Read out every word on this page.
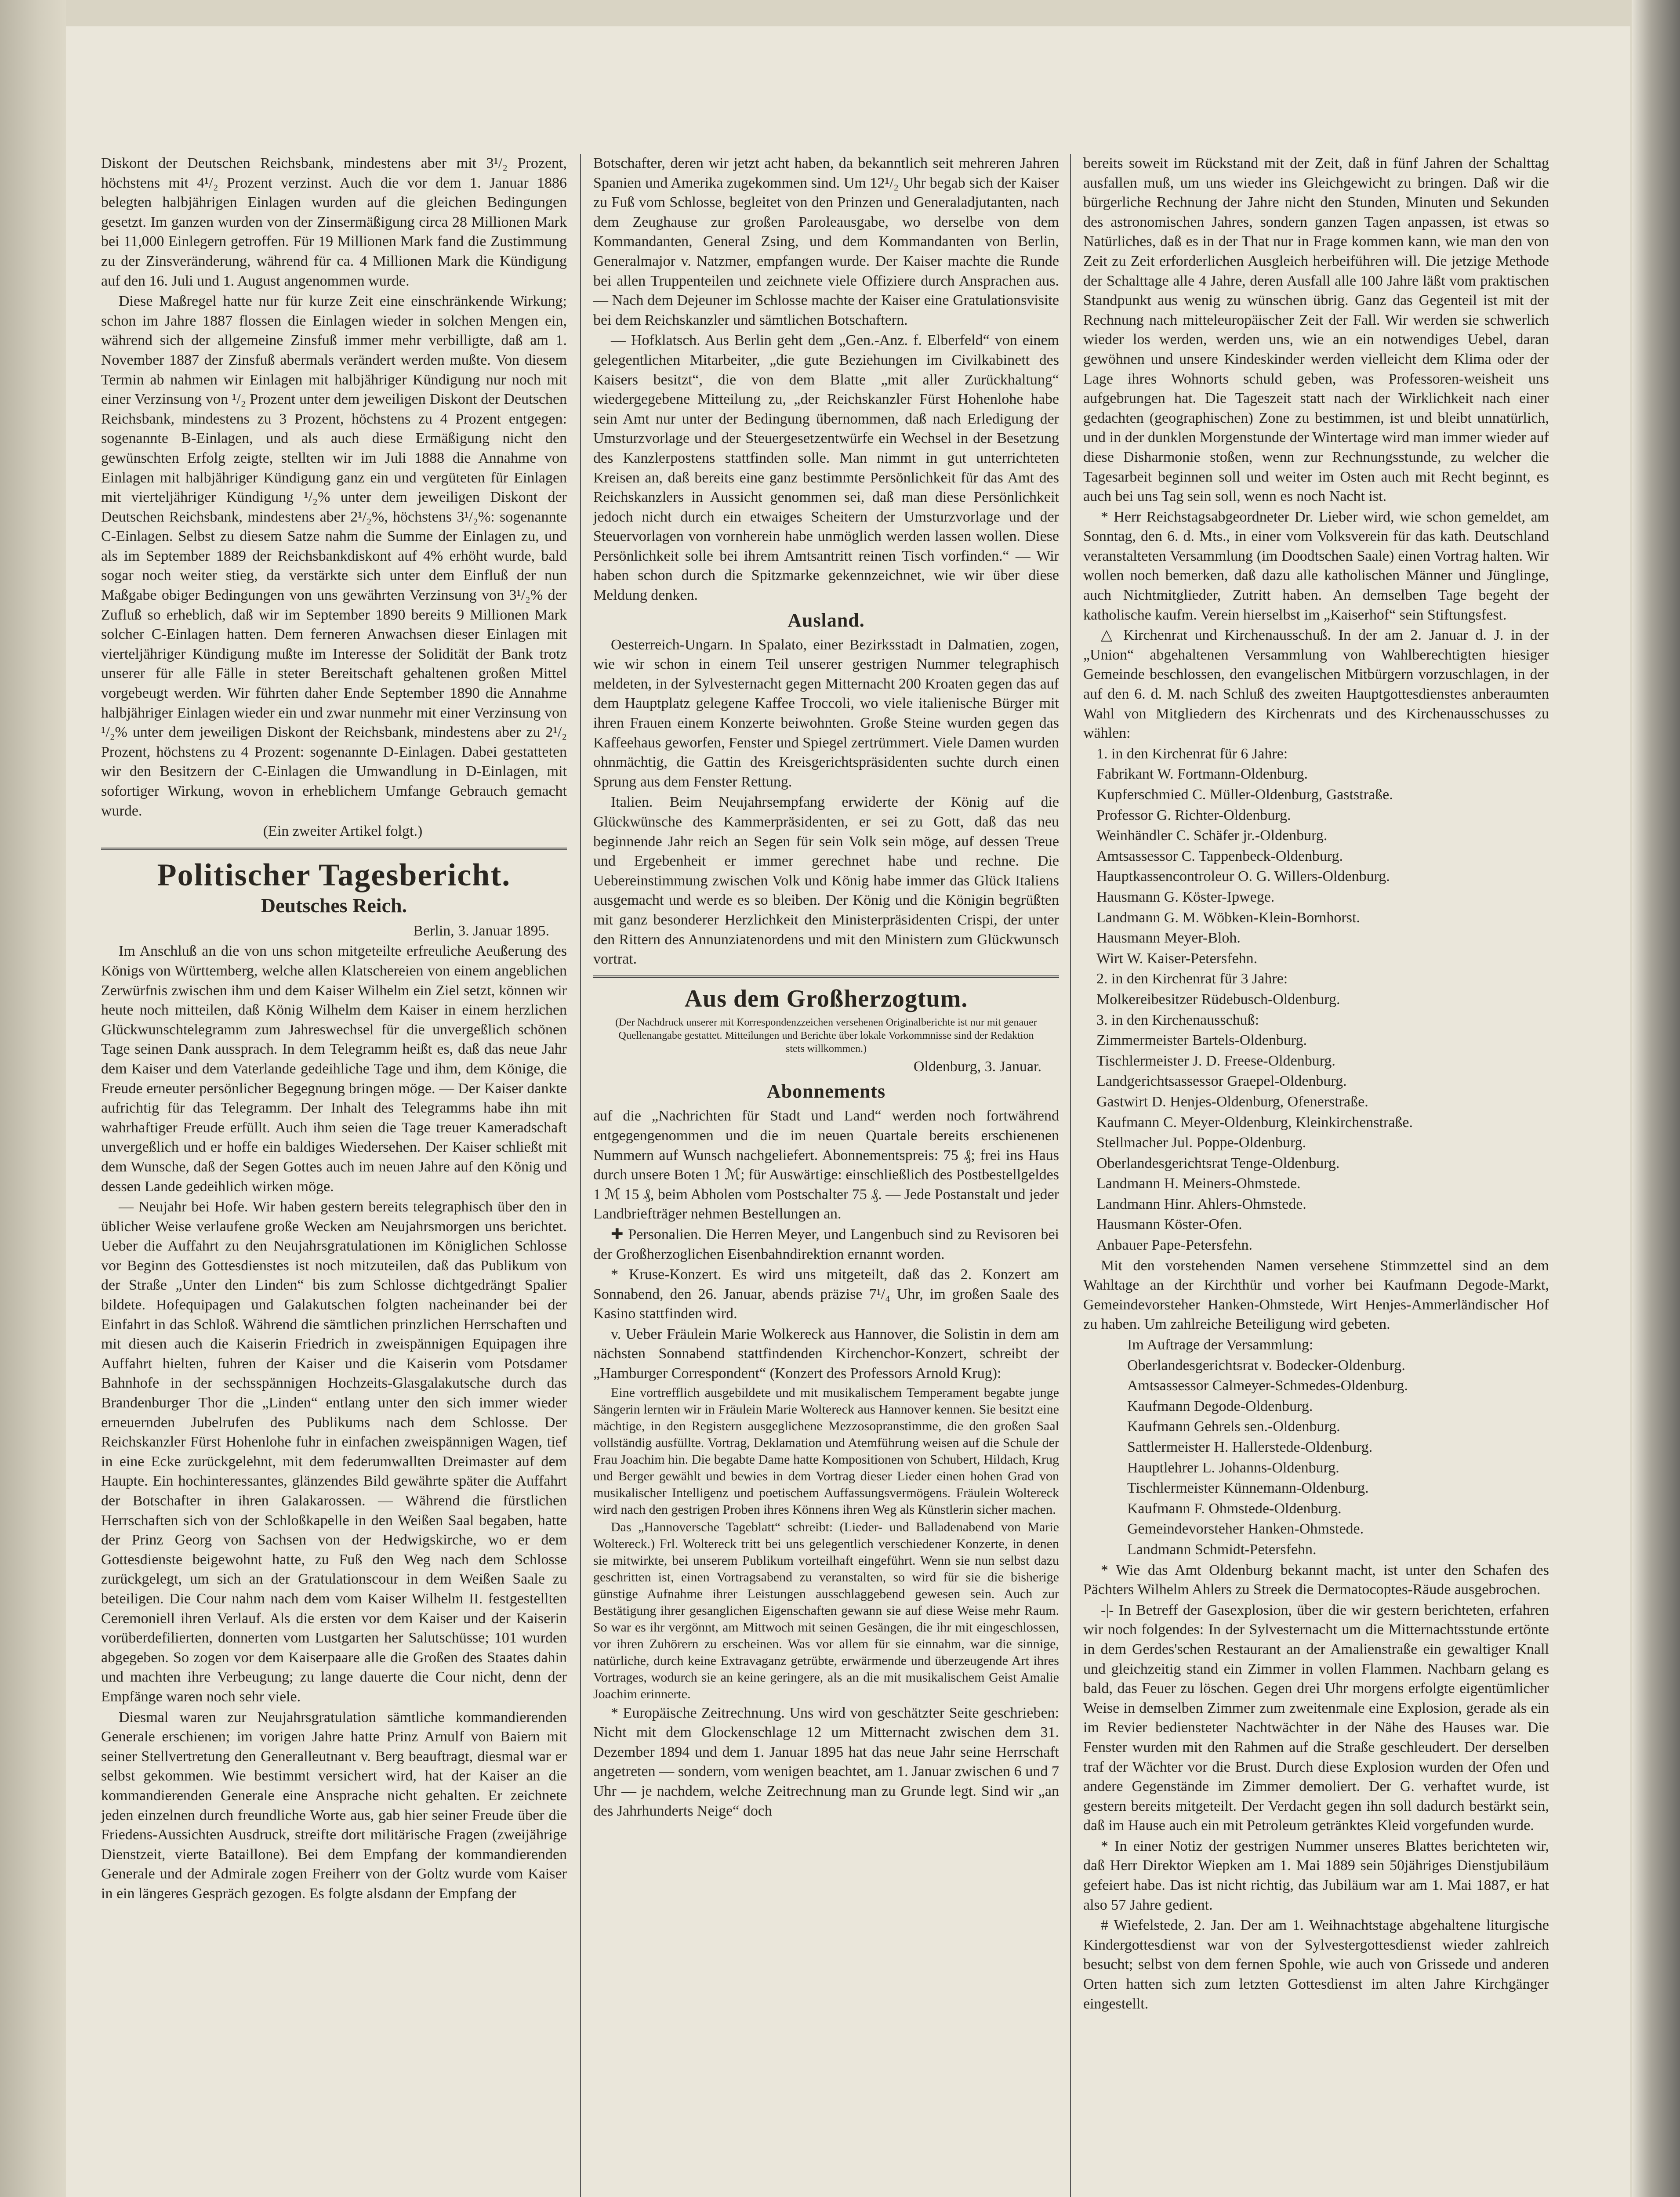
Diskont der Deutschen Reichsbank, mindestens aber mit 3¹/₂ Prozent, höchstens mit 4¹/₂ Prozent verzinst. Auch die vor dem 1. Januar 1886 belegten halbjährigen Einlagen wurden auf die gleichen Bedingungen gesetzt. Im ganzen wurden von der Zinsermäßigung circa 28 Millionen Mark bei 11,000 Einlegern getroffen. Für 19 Millionen Mark fand die Zustimmung zu der Zinsveränderung, während für ca. 4 Millionen Mark die Kündigung auf den 16. Juli und 1. August angenommen wurde.

Diese Maßregel hatte nur für kurze Zeit eine einschränkende Wirkung; schon im Jahre 1887 flossen die Einlagen wieder in solchen Mengen ein, während sich der allgemeine Zinsfuß immer mehr verbilligte, daß am 1. November 1887 der Zinsfuß abermals verändert werden mußte. Von diesem Termin ab nahmen wir Einlagen mit halbjähriger Kündigung nur noch mit einer Verzinsung von ¹/₂ Prozent unter dem jeweiligen Diskont der Deutschen Reichsbank, mindestens zu 3 Prozent, höchstens zu 4 Prozent entgegen: sogenannte B-Einlagen, und als auch diese Ermäßigung nicht den gewünschten Erfolg zeigte, stellten wir im Juli 1888 die Annahme von Einlagen mit halbjähriger Kündigung ganz ein und vergüteten für Einlagen mit vierteljähriger Kündigung ¹/₂% unter dem jeweiligen Diskont der Deutschen Reichsbank, mindestens aber 2¹/₂%, höchstens 3¹/₂%: sogenannte C-Einlagen. Selbst zu diesem Satze nahm die Summe der Einlagen zu, und als im September 1889 der Reichsbankdiskont auf 4% erhöht wurde, bald sogar noch weiter stieg, da verstärkte sich unter dem Einfluß der nun Maßgabe obiger Bedingungen von uns gewährten Verzinsung von 3¹/₂% der Zufluß so erheblich, daß wir im September 1890 bereits 9 Millionen Mark solcher C-Einlagen hatten. Dem ferneren Anwachsen dieser Einlagen mit vierteljähriger Kündigung mußte im Interesse der Solidität der Bank trotz unserer für alle Fälle in steter Bereitschaft gehaltenen großen Mittel vorgebeugt werden. Wir führten daher Ende September 1890 die Annahme halbjähriger Einlagen wieder ein und zwar nunmehr mit einer Verzinsung von ¹/₂% unter dem jeweiligen Diskont der Reichsbank, mindestens aber zu 2¹/₂ Prozent, höchstens zu 4 Prozent: sogenannte D-Einlagen. Dabei gestatteten wir den Besitzern der C-Einlagen die Umwandlung in D-Einlagen, mit sofortiger Wirkung, wovon in erheblichem Umfange Gebrauch gemacht wurde.

(Ein zweiter Artikel folgt.)

Politischer Tagesbericht.
Deutsches Reich.

Berlin, 3. Januar 1895.

Im Anschluß an die von uns schon mitgeteilte erfreuliche Aeußerung des Königs von Württemberg, welche allen Klatschereien von einem angeblichen Zerwürfnis zwischen ihm und dem Kaiser Wilhelm ein Ziel setzt, können wir heute noch mitteilen, daß König Wilhelm dem Kaiser in einem herzlichen Glückwunschtelegramm zum Jahreswechsel für die unvergeßlich schönen Tage seinen Dank aussprach. In dem Telegramm heißt es, daß das neue Jahr dem Kaiser und dem Vaterlande gedeihliche Tage und ihm, dem Könige, die Freude erneuter persönlicher Begegnung bringen möge. — Der Kaiser dankte aufrichtig für das Telegramm. Der Inhalt des Telegramms habe ihn mit wahrhaftiger Freude erfüllt. Auch ihm seien die Tage treuer Kameradschaft unvergeßlich und er hoffe ein baldiges Wiedersehen. Der Kaiser schließt mit dem Wunsche, daß der Segen Gottes auch im neuen Jahre auf den König und dessen Lande gedeihlich wirken möge.

— Neujahr bei Hofe. Wir haben gestern bereits telegraphisch über den in üblicher Weise verlaufene große Wecken am Neujahrsmorgen uns berichtet. Ueber die Auffahrt zu den Neujahrsgratulationen im Königlichen Schlosse vor Beginn des Gottesdienstes ist noch mitzuteilen, daß das Publikum von der Straße „Unter den Linden“ bis zum Schlosse dichtgedrängt Spalier bildete. Hofequipagen und Galakutschen folgten nacheinander bei der Einfahrt in das Schloß. Während die sämtlichen prinzlichen Herrschaften und mit diesen auch die Kaiserin Friedrich in zweispännigen Equipagen ihre Auffahrt hielten, fuhren der Kaiser und die Kaiserin vom Potsdamer Bahnhofe in der sechsspännigen Hochzeits-Glasgalakutsche durch das Brandenburger Thor die „Linden“ entlang unter den sich immer wieder erneuernden Jubelrufen des Publikums nach dem Schlosse. Der Reichskanzler Fürst Hohenlohe fuhr in einfachen zweispännigen Wagen, tief in eine Ecke zurückgelehnt, mit dem federumwallten Dreimaster auf dem Haupte. Ein hochinteressantes, glänzendes Bild gewährte später die Auffahrt der Botschafter in ihren Galakarossen. — Während die fürstlichen Herrschaften sich von der Schloßkapelle in den Weißen Saal begaben, hatte der Prinz Georg von Sachsen von der Hedwigskirche, wo er dem Gottesdienste beigewohnt hatte, zu Fuß den Weg nach dem Schlosse zurückgelegt, um sich an der Gratulationscour in dem Weißen Saale zu beteiligen. Die Cour nahm nach dem vom Kaiser Wilhelm II. festgestellten Ceremoniell ihren Verlauf. Als die ersten vor dem Kaiser und der Kaiserin vorüberdefilierten, donnerten vom Lustgarten her Salutschüsse; 101 wurden abgegeben. So zogen vor dem Kaiserpaare alle die Großen des Staates dahin und machten ihre Verbeugung; zu lange dauerte die Cour nicht, denn der Empfänge waren noch sehr viele.

Diesmal waren zur Neujahrsgratulation sämtliche kommandierenden Generale erschienen; im vorigen Jahre hatte Prinz Arnulf von Baiern mit seiner Stellvertretung den Generalleutnant v. Berg beauftragt, diesmal war er selbst gekommen. Wie bestimmt versichert wird, hat der Kaiser an die kommandierenden Generale eine Ansprache nicht gehalten. Er zeichnete jeden einzelnen durch freundliche Worte aus, gab hier seiner Freude über die Friedens-Aussichten Ausdruck, streifte dort militärische Fragen (zweijährige Dienstzeit, vierte Bataillone). Bei dem Empfang der kommandierenden Generale und der Admirale zogen Freiherr von der Goltz wurde vom Kaiser in ein längeres Gespräch gezogen. Es folgte alsdann der Empfang der

Botschafter, deren wir jetzt acht haben, da bekanntlich seit mehreren Jahren Spanien und Amerika zugekommen sind. Um 12¹/₂ Uhr begab sich der Kaiser zu Fuß vom Schlosse, begleitet von den Prinzen und Generaladjutanten, nach dem Zeughause zur großen Paroleausgabe, wo derselbe von dem Kommandanten, General Zsing, und dem Kommandanten von Berlin, Generalmajor v. Natzmer, empfangen wurde. Der Kaiser machte die Runde bei allen Truppenteilen und zeichnete viele Offiziere durch Ansprachen aus. — Nach dem Dejeuner im Schlosse machte der Kaiser eine Gratulationsvisite bei dem Reichskanzler und sämtlichen Botschaftern.

— Hofklatsch. Aus Berlin geht dem „Gen.-Anz. f. Elberfeld“ von einem gelegentlichen Mitarbeiter, „die gute Beziehungen im Civilkabinett des Kaisers besitzt“, die von dem Blatte „mit aller Zurückhaltung“ wiedergegebene Mitteilung zu, „der Reichskanzler Fürst Hohenlohe habe sein Amt nur unter der Bedingung übernommen, daß nach Erledigung der Umsturzvorlage und der Steuergesetzentwürfe ein Wechsel in der Besetzung des Kanzlerpostens stattfinden solle. Man nimmt in gut unterrichteten Kreisen an, daß bereits eine ganz bestimmte Persönlichkeit für das Amt des Reichskanzlers in Aussicht genommen sei, daß man diese Persönlichkeit jedoch nicht durch ein etwaiges Scheitern der Umsturzvorlage und der Steuervorlagen von vornherein habe unmöglich werden lassen wollen. Diese Persönlichkeit solle bei ihrem Amtsantritt reinen Tisch vorfinden.“ — Wir haben schon durch die Spitzmarke gekennzeichnet, wie wir über diese Meldung denken.

Ausland.

Oesterreich-Ungarn. In Spalato, einer Bezirksstadt in Dalmatien, zogen, wie wir schon in einem Teil unserer gestrigen Nummer telegraphisch meldeten, in der Sylvesternacht gegen Mitternacht 200 Kroaten gegen das auf dem Hauptplatz gelegene Kaffee Troccoli, wo viele italienische Bürger mit ihren Frauen einem Konzerte beiwohnten. Große Steine wurden gegen das Kaffeehaus geworfen, Fenster und Spiegel zertrümmert. Viele Damen wurden ohnmächtig, die Gattin des Kreisgerichtspräsidenten suchte durch einen Sprung aus dem Fenster Rettung.

Italien. Beim Neujahrsempfang erwiderte der König auf die Glückwünsche des Kammerpräsidenten, er sei zu Gott, daß das neu beginnende Jahr reich an Segen für sein Volk sein möge, auf dessen Treue und Ergebenheit er immer gerechnet habe und rechne. Die Uebereinstimmung zwischen Volk und König habe immer das Glück Italiens ausgemacht und werde es so bleiben. Der König und die Königin begrüßten mit ganz besonderer Herzlichkeit den Ministerpräsidenten Crispi, der unter den Rittern des Annunziatenordens und mit den Ministern zum Glückwunsch vortrat.

Aus dem Großherzogtum.
(Der Nachdruck unserer mit Korrespondenzzeichen versehenen Originalberichte ist nur mit genauer Quellenangabe gestattet. Mitteilungen und Berichte über lokale Vorkommnisse sind der Redaktion stets willkommen.)

Oldenburg, 3. Januar.

Abonnements

auf die „Nachrichten für Stadt und Land“ werden noch fortwährend entgegengenommen und die im neuen Quartale bereits erschienenen Nummern auf Wunsch nachgeliefert. Abonnementspreis: 75 ₰; frei ins Haus durch unsere Boten 1 ℳ; für Auswärtige: einschließlich des Postbestellgeldes 1 ℳ 15 ₰, beim Abholen vom Postschalter 75 ₰. — Jede Postanstalt und jeder Landbriefträger nehmen Bestellungen an.

✚ Personalien. Die Herren Meyer, und Langenbuch sind zu Revisoren bei der Großherzoglichen Eisenbahndirektion ernannt worden.

* Kruse-Konzert. Es wird uns mitgeteilt, daß das 2. Konzert am Sonnabend, den 26. Januar, abends präzise 7¹/₄ Uhr, im großen Saale des Kasino stattfinden wird.

v. Ueber Fräulein Marie Wolkereck aus Hannover, die Solistin in dem am nächsten Sonnabend stattfindenden Kirchenchor-Konzert, schreibt der „Hamburger Correspondent“ (Konzert des Professors Arnold Krug):

Eine vortrefflich ausgebildete und mit musikalischem Temperament begabte junge Sängerin lernten wir in Fräulein Marie Woltereck aus Hannover kennen. Sie besitzt eine mächtige, in den Registern ausgeglichene Mezzosopranstimme, die den großen Saal vollständig ausfüllte. Vortrag, Deklamation und Atemführung weisen auf die Schule der Frau Joachim hin. Die begabte Dame hatte Kompositionen von Schubert, Hildach, Krug und Berger gewählt und bewies in dem Vortrag dieser Lieder einen hohen Grad von musikalischer Intelligenz und poetischem Auffassungsvermögens. Fräulein Woltereck wird nach den gestrigen Proben ihres Könnens ihren Weg als Künstlerin sicher machen.

Das „Hannoversche Tageblatt“ schreibt: (Lieder- und Balladenabend von Marie Woltereck.) Frl. Woltereck tritt bei uns gelegentlich verschiedener Konzerte, in denen sie mitwirkte, bei unserem Publikum vorteilhaft eingeführt. Wenn sie nun selbst dazu geschritten ist, einen Vortragsabend zu veranstalten, so wird für sie die bisherige günstige Aufnahme ihrer Leistungen ausschlaggebend gewesen sein. Auch zur Bestätigung ihrer gesanglichen Eigenschaften gewann sie auf diese Weise mehr Raum. So war es ihr vergönnt, am Mittwoch mit seinen Gesängen, die ihr mit eingeschlossen, vor ihren Zuhörern zu erscheinen. Was vor allem für sie einnahm, war die sinnige, natürliche, durch keine Extravaganz getrübte, erwärmende und überzeugende Art ihres Vortrages, wodurch sie an keine geringere, als an die mit musikalischem Geist Amalie Joachim erinnerte.

* Europäische Zeitrechnung. Uns wird von geschätzter Seite geschrieben: Nicht mit dem Glockenschlage 12 um Mitternacht zwischen dem 31. Dezember 1894 und dem 1. Januar 1895 hat das neue Jahr seine Herrschaft angetreten — sondern, vom wenigen beachtet, am 1. Januar zwischen 6 und 7 Uhr — je nachdem, welche Zeitrechnung man zu Grunde legt. Sind wir „an des Jahrhunderts Neige“ doch

bereits soweit im Rückstand mit der Zeit, daß in fünf Jahren der Schalttag ausfallen muß, um uns wieder ins Gleichgewicht zu bringen. Daß wir die bürgerliche Rechnung der Jahre nicht den Stunden, Minuten und Sekunden des astronomischen Jahres, sondern ganzen Tagen anpassen, ist etwas so Natürliches, daß es in der That nur in Frage kommen kann, wie man den von Zeit zu Zeit erforderlichen Ausgleich herbeiführen will. Die jetzige Methode der Schalttage alle 4 Jahre, deren Ausfall alle 100 Jahre läßt vom praktischen Standpunkt aus wenig zu wünschen übrig. Ganz das Gegenteil ist mit der Rechnung nach mitteleuropäischer Zeit der Fall. Wir werden sie schwerlich wieder los werden, werden uns, wie an ein notwendiges Uebel, daran gewöhnen und unsere Kindeskinder werden vielleicht dem Klima oder der Lage ihres Wohnorts schuld geben, was Professoren-weisheit uns aufgebrungen hat. Die Tageszeit statt nach der Wirklichkeit nach einer gedachten (geographischen) Zone zu bestimmen, ist und bleibt unnatürlich, und in der dunklen Morgenstunde der Wintertage wird man immer wieder auf diese Disharmonie stoßen, wenn zur Rechnungsstunde, zu welcher die Tagesarbeit beginnen soll und weiter im Osten auch mit Recht beginnt, es auch bei uns Tag sein soll, wenn es noch Nacht ist.

* Herr Reichstagsabgeordneter Dr. Lieber wird, wie schon gemeldet, am Sonntag, den 6. d. Mts., in einer vom Volksverein für das kath. Deutschland veranstalteten Versammlung (im Doodtschen Saale) einen Vortrag halten. Wir wollen noch bemerken, daß dazu alle katholischen Männer und Jünglinge, auch Nichtmitglieder, Zutritt haben. An demselben Tage begeht der katholische kaufm. Verein hierselbst im „Kaiserhof“ sein Stiftungsfest.

△ Kirchenrat und Kirchenausschuß. In der am 2. Januar d. J. in der „Union“ abgehaltenen Versammlung von Wahlberechtigten hiesiger Gemeinde beschlossen, den evangelischen Mitbürgern vorzuschlagen, in der auf den 6. d. M. nach Schluß des zweiten Hauptgottesdienstes anberaumten Wahl von Mitgliedern des Kirchenrats und des Kirchenausschusses zu wählen:

1. in den Kirchenrat für 6 Jahre:

Fabrikant W. Fortmann-Oldenburg.

Kupferschmied C. Müller-Oldenburg, Gaststraße.

Professor G. Richter-Oldenburg.

Weinhändler C. Schäfer jr.-Oldenburg.

Amtsassessor C. Tappenbeck-Oldenburg.

Hauptkassencontroleur O. G. Willers-Oldenburg.

Hausmann G. Köster-Ipwege.

Landmann G. M. Wöbken-Klein-Bornhorst.

Hausmann Meyer-Bloh.

Wirt W. Kaiser-Petersfehn.

2. in den Kirchenrat für 3 Jahre:

Molkereibesitzer Rüdebusch-Oldenburg.

3. in den Kirchenausschuß:

Zimmermeister Bartels-Oldenburg.

Tischlermeister J. D. Freese-Oldenburg.

Landgerichtsassessor Graepel-Oldenburg.

Gastwirt D. Henjes-Oldenburg, Ofenerstraße.

Kaufmann C. Meyer-Oldenburg, Kleinkirchenstraße.

Stellmacher Jul. Poppe-Oldenburg.

Oberlandesgerichtsrat Tenge-Oldenburg.

Landmann H. Meiners-Ohmstede.

Landmann Hinr. Ahlers-Ohmstede.

Hausmann Köster-Ofen.

Anbauer Pape-Petersfehn.

Mit den vorstehenden Namen versehene Stimmzettel sind an dem Wahltage an der Kirchthür und vorher bei Kaufmann Degode-Markt, Gemeindevorsteher Hanken-Ohmstede, Wirt Henjes-Ammerländischer Hof zu haben. Um zahlreiche Beteiligung wird gebeten.

Im Auftrage der Versammlung:

Oberlandesgerichtsrat v. Bodecker-Oldenburg.

Amtsassessor Calmeyer-Schmedes-Oldenburg.

Kaufmann Degode-Oldenburg.

Kaufmann Gehrels sen.-Oldenburg.

Sattlermeister H. Hallerstede-Oldenburg.

Hauptlehrer L. Johanns-Oldenburg.

Tischlermeister Künnemann-Oldenburg.

Kaufmann F. Ohmstede-Oldenburg.

Gemeindevorsteher Hanken-Ohmstede.

Landmann Schmidt-Petersfehn.

* Wie das Amt Oldenburg bekannt macht, ist unter den Schafen des Pächters Wilhelm Ahlers zu Streek die Dermatocoptes-Räude ausgebrochen.

-|- In Betreff der Gasexplosion, über die wir gestern berichteten, erfahren wir noch folgendes: In der Sylvesternacht um die Mitternachtsstunde ertönte in dem Gerdes'schen Restaurant an der Amalienstraße ein gewaltiger Knall und gleichzeitig stand ein Zimmer in vollen Flammen. Nachbarn gelang es bald, das Feuer zu löschen. Gegen drei Uhr morgens erfolgte eigentümlicher Weise in demselben Zimmer zum zweitenmale eine Explosion, gerade als ein im Revier bediensteter Nachtwächter in der Nähe des Hauses war. Die Fenster wurden mit den Rahmen auf die Straße geschleudert. Der derselben traf der Wächter vor die Brust. Durch diese Explosion wurden der Ofen und andere Gegenstände im Zimmer demoliert. Der G. verhaftet wurde, ist gestern bereits mitgeteilt. Der Verdacht gegen ihn soll dadurch bestärkt sein, daß im Hause auch ein mit Petroleum getränktes Kleid vorgefunden wurde.

* In einer Notiz der gestrigen Nummer unseres Blattes berichteten wir, daß Herr Direktor Wiepken am 1. Mai 1889 sein 50jähriges Dienstjubiläum gefeiert habe. Das ist nicht richtig, das Jubiläum war am 1. Mai 1887, er hat also 57 Jahre gedient.

# Wiefelstede, 2. Jan. Der am 1. Weihnachtstage abgehaltene liturgische Kindergottesdienst war von der Sylvestergottesdienst wieder zahlreich besucht; selbst von dem fernen Spohle, wie auch von Grissede und anderen Orten hatten sich zum letzten Gottesdienst im alten Jahre Kirchgänger eingestellt.
